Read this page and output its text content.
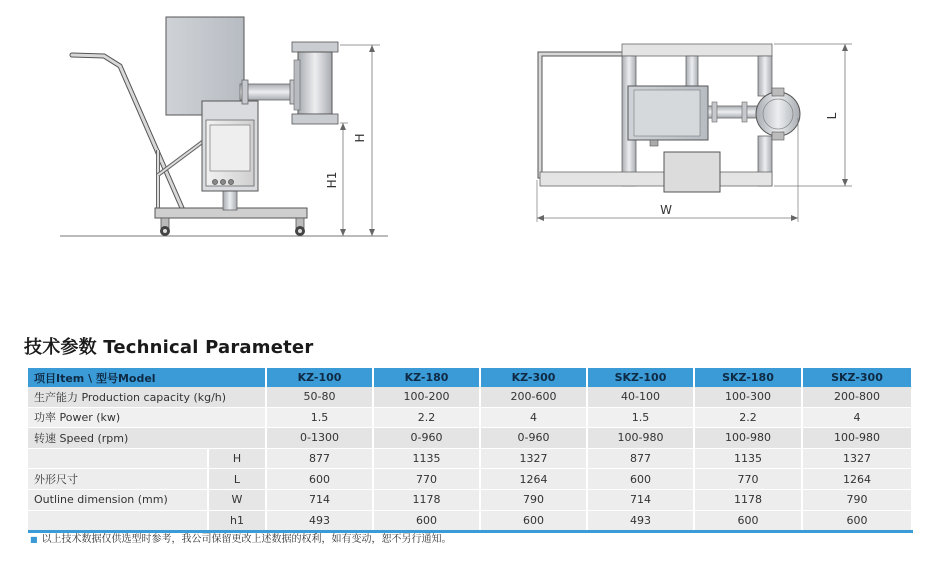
H
H1
L
W
技术参数 Technical Parameter
项目Item \ 型号Model		KZ-100	KZ-180	KZ-300	SKZ-100	SKZ-180	SKZ-300
生产能力 Production capacity (kg/h)		50-80	100-200	200-600	40-100	100-300	200-800
功率 Power (kw)		1.5	2.2	4	1.5	2.2	4
转速 Speed (rpm)		0-1300	0-960	0-960	100-980	100-980	100-980
	H	877	1135	1327	877	1135	1327
外形尺寸	L	600	770	1264	600	770	1264
Outline dimension (mm)	W	714	1178	790	714	1178	790
	h1	493	600	600	493	600	600
■ 以上技术数据仅供选型时参考，我公司保留更改上述数据的权利，如有变动，恕不另行通知。
